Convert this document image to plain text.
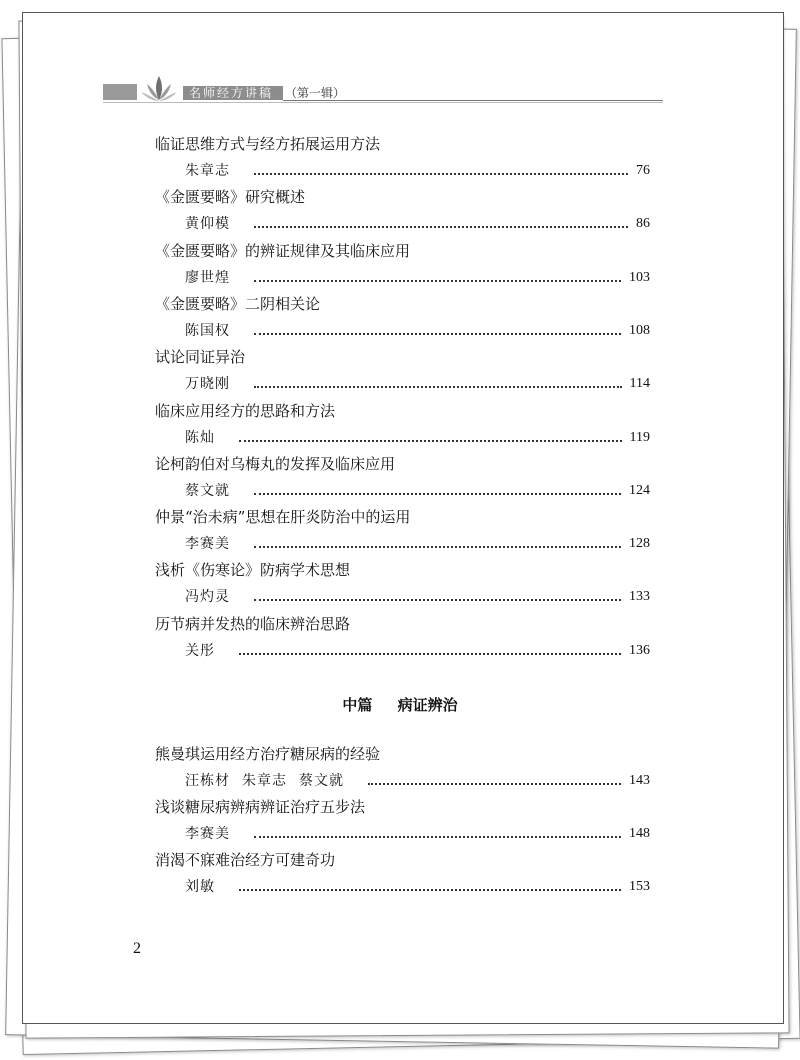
名师经方讲稿 （第一辑）
临证思维方式与经方拓展运用方法
朱章志	76
《金匮要略》研究概述
黄仰模	86
《金匮要略》的辨证规律及其临床应用
廖世煌	103
《金匮要略》二阴相关论
陈国权	108
试论同证异治
万晓刚	114
临床应用经方的思路和方法
陈灿	119
论柯韵伯对乌梅丸的发挥及临床应用
蔡文就	124
仲景“治未病”思想在肝炎防治中的运用
李赛美	128
浅析《伤寒论》防病学术思想
冯灼灵	133
历节病并发热的临床辨治思路
关彤	136
中篇 病证辨治
熊曼琪运用经方治疗糖尿病的经验
汪栋材 朱章志 蔡文就	143
浅谈糖尿病辨病辨证治疗五步法
李赛美	148
消渴不寐难治经方可建奇功
刘敏	153
2
